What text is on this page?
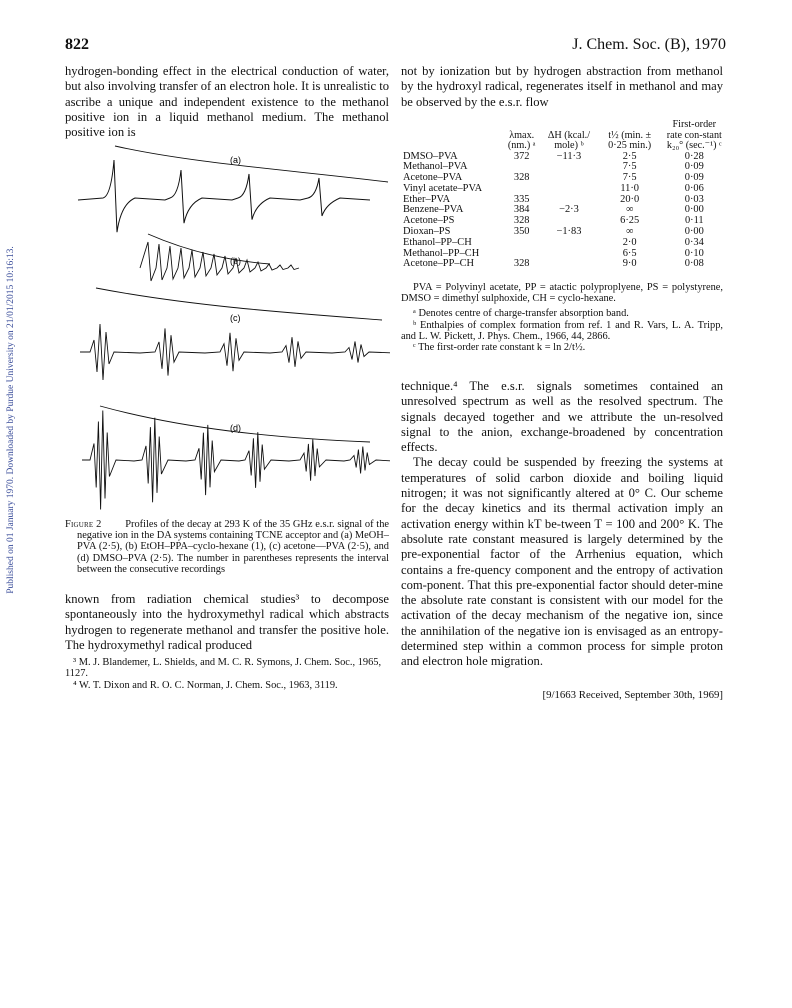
Published on 01 January 1970. Downloaded by Purdue University on 21/01/2015 10:16:13.
822	J. Chem. Soc. (B), 1970

hydrogen-bonding effect in the electrical conduction of water, but also involving transfer of an electron hole. It is unrealistic to ascribe a unique and independent existence to the methanol positive ion in a liquid methanol medium. The methanol positive ion is

(a)
(b)
(c)
(d)
Figure 2	Profiles of the decay at 293 K of the 35 GHz e.s.r. signal of the negative ion in the DA systems containing TCNE acceptor and (a) MeOH–PVA (2·5), (b) EtOH–PPA–cyclo-hexane (1), (c) acetone—PVA (2·5), and (d) DMSO–PVA (2·5). The number in parentheses represents the interval between the consecutive recordings

known from radiation chemical studies³ to decompose spontaneously into the hydroxymethyl radical which abstracts hydrogen to regenerate methanol and transfer the positive hole. The hydroxymethyl radical produced

³ M. J. Blandemer, L. Shields, and M. C. R. Symons, J. Chem. Soc., 1965, 1127.

⁴ W. T. Dixon and R. O. C. Norman, J. Chem. Soc., 1963, 3119.

not by ionization but by hydrogen abstraction from methanol by the hydroxyl radical, regenerates itself in methanol and may be observed by the e.s.r. flow

	λmax. (nm.) ᵃ	ΔH (kcal./ mole) ᵇ	t½ (min. ± 0·25 min.)	First-order rate con-stant k₂₀° (sec.⁻¹) ᶜ
DMSO–PVA	372	−11·3	2·5	0·28
Methanol–PVA			7·5	0·09
Acetone–PVA	328		7·5	0·09
Vinyl acetate–PVA			11·0	0·06
Ether–PVA	335		20·0	0·03
Benzene–PVA	384	−2·3	∞	0·00
Acetone–PS	328		6·25	0·11
Dioxan–PS	350	−1·83	∞	0·00
Ethanol–PP–CH			2·0	0·34
Methanol–PP–CH			6·5	0·10
Acetone–PP–CH	328		9·0	0·08

PVA = Polyvinyl acetate, PP = atactic polyproplyene, PS = polystyrene, DMSO = dimethyl sulphoxide, CH = cyclo-hexane.

ᵃ Denotes centre of charge-transfer absorption band.

ᵇ Enthalpies of complex formation from ref. 1 and R. Vars, L. A. Tripp, and L. W. Pickett, J. Phys. Chem., 1966, 44, 2866.

ᶜ The first-order rate constant k = ln 2/t½.

technique.⁴ The e.s.r. signals sometimes contained an unresolved spectrum as well as the resolved spectrum. The signals decayed together and we attribute the un-resolved signal to the anion, exchange-broadened by concentration effects.

The decay could be suspended by freezing the systems at temperatures of solid carbon dioxide and boiling liquid nitrogen; it was not significantly altered at 0° C. Our scheme for the decay kinetics and its thermal activation imply an activation energy within kT be-tween T = 100 and 200° K. The absolute rate constant measured is largely determined by the pre-exponential factor of the Arrhenius equation, which contains a fre-quency component and the entropy of activation com-ponent. That this pre-exponential factor should deter-mine the absolute rate constant is consistent with our model for the activation of the decay mechanism of the negative ion, since the annihilation of the negative ion is envisaged as an entropy-determined step within a common process for simple proton and electron hole migration.

[9/1663 Received, September 30th, 1969]
